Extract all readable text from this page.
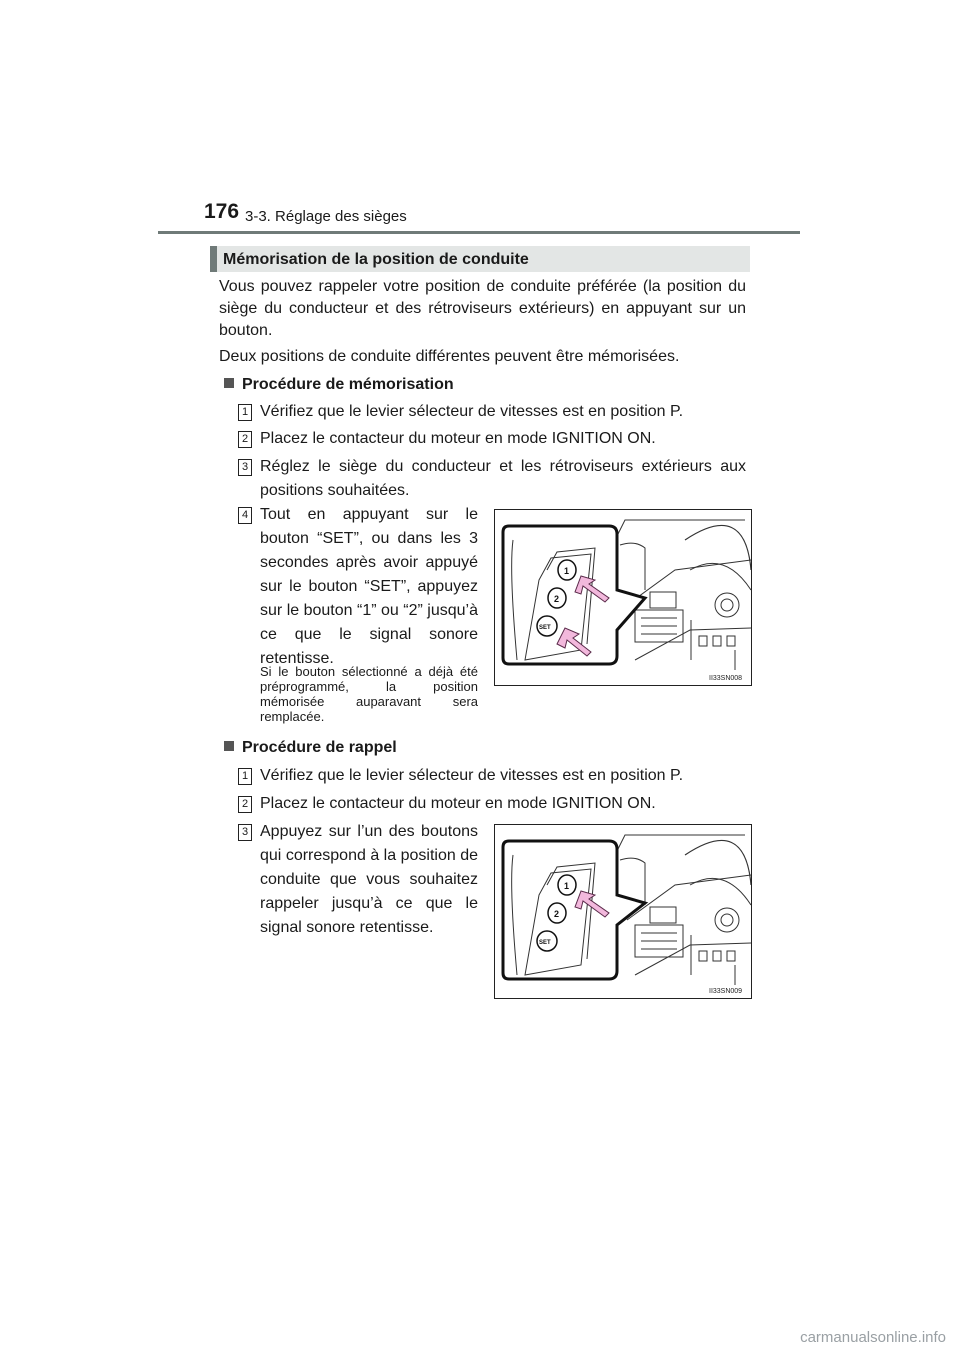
176 3-3. Réglage des sièges
Mémorisation de la position de conduite
Vous pouvez rappeler votre position de conduite préférée (la position du siège du conducteur et des rétroviseurs extérieurs) en appuyant sur un bouton.
Deux positions de conduite différentes peuvent être mémorisées.
Procédure de mémorisation
1 Vérifiez que le levier sélecteur de vitesses est en position P.
2 Placez le contacteur du moteur en mode IGNITION ON.
3 Réglez le siège du conducteur et les rétroviseurs extérieurs aux positions souhaitées.
4 Tout en appuyant sur le bouton “SET”, ou dans les 3 secondes après avoir appuyé sur le bouton “SET”, appuyez sur le bouton “1” ou “2” jusqu’à ce que le signal sonore retentisse.
Si le bouton sélectionné a déjà été préprogrammé, la position mémorisée auparavant sera remplacée.
1
2
SET
II33SN008
Procédure de rappel
1 Vérifiez que le levier sélecteur de vitesses est en position P.
2 Placez le contacteur du moteur en mode IGNITION ON.
3 Appuyez sur l’un des boutons qui correspond à la position de conduite que vous souhaitez rappeler jusqu’à ce que le signal sonore retentisse.
1
2
SET
II33SN009
carmanualsonline.info
